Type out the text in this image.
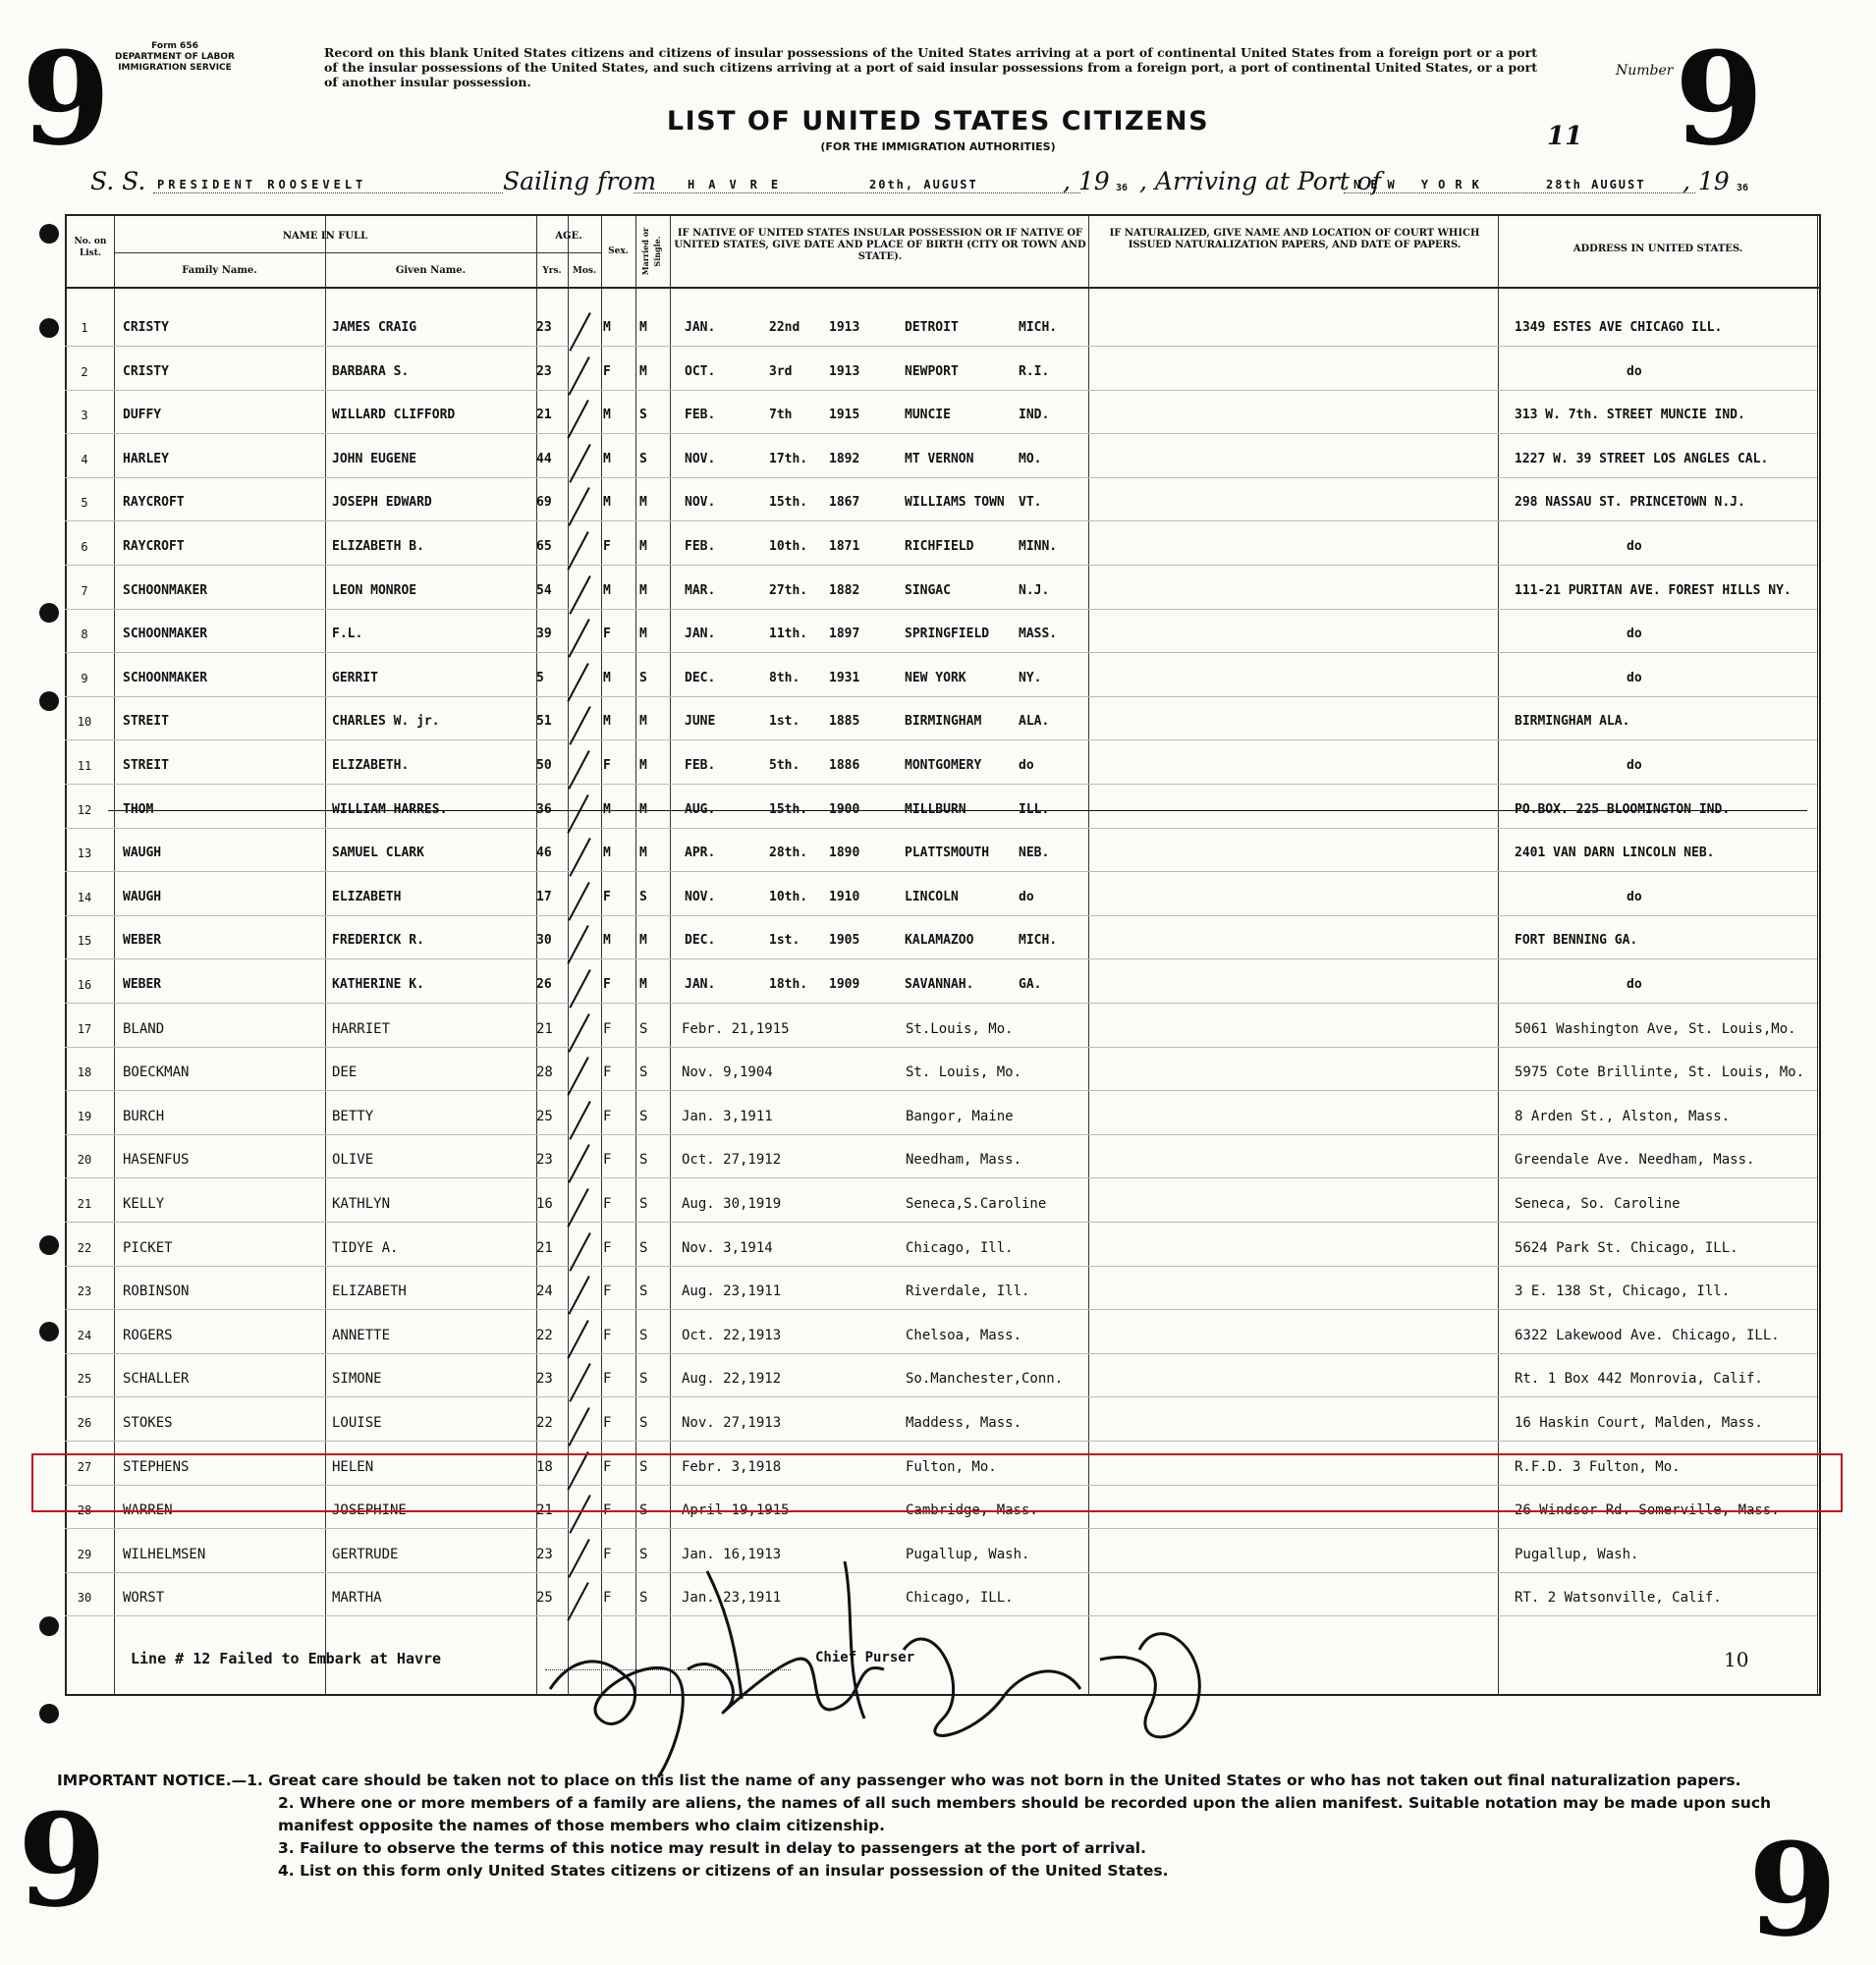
9	9
9	9
Form 656
DEPARTMENT OF LABOR
IMMIGRATION SERVICE
Record on this blank United States citizens and citizens of insular possessions of the United States arriving at a port of continental United States from a foreign port or a port of the insular possessions of the United States, and such citizens arriving at a port of said insular possessions from a foreign port, a port of continental United States, or a port of another insular possession.
Number
11
LIST OF UNITED STATES CITIZENS
(FOR THE IMMIGRATION AUTHORITIES)
S. S. PRESIDENT ROOSEVELT	Sailing from	HAVRE	20th, AUGUST	, 19 36 , Arriving at Port of
NEW YORK	28th AUGUST , 19 36
No. on List.
NAME IN FULL
Family Name.	Given Name.
AGE.
Yrs.	Mos.
Sex.	Married or Single.
IF NATIVE OF UNITED STATES INSULAR POSSESSION OR IF NATIVE OF UNITED STATES, GIVE DATE AND PLACE OF BIRTH (CITY OR TOWN AND STATE).
IF NATURALIZED, GIVE NAME AND LOCATION OF COURT WHICH ISSUED NATURALIZATION PAPERS, AND DATE OF PAPERS.	ADDRESS IN UNITED STATES.
1	CRISTY	JAMES CRAIG	23	M M	JAN.	22nd 1913	DETROIT	MICH.	1349 ESTES AVE CHICAGO ILL.
2	CRISTY	BARBARA S.	23	F M	OCT.	3rd	1913	NEWPORT	R.I.	do
3	DUFFY	WILLARD CLIFFORD	21	M S	FEB.	7th	1915	MUNCIE	IND.	313 W. 7th. STREET MUNCIE IND.
4	HARLEY	JOHN EUGENE	44	M S	NOV.	17th. 1892	MT VERNON	MO.	1227 W. 39 STREET LOS ANGLES CAL.
5	RAYCROFT	JOSEPH EDWARD	69	M M	NOV.	15th. 1867	WILLIAMS TOWN VT.	298 NASSAU ST. PRINCETOWN N.J.
6	RAYCROFT	ELIZABETH B.	65	F M	FEB.	10th. 1871	RICHFIELD	MINN.	do
7	SCHOONMAKER	LEON MONROE	54	M M	MAR.	27th. 1882	SINGAC	N.J.	111-21 PURITAN AVE. FOREST HILLS NY.
8	SCHOONMAKER	F.L.	39	F M	JAN.	11th. 1897	SPRINGFIELD MASS.	do
9	SCHOONMAKER	GERRIT	5	M S	DEC.	8th. 1931	NEW YORK	NY.	do
10	STREIT	CHARLES W. jr.	51	M M	JUNE	1st. 1885	BIRMINGHAM	ALA.	BIRMINGHAM ALA.
11	STREIT	ELIZABETH.	50	F M	FEB.	5th. 1886	MONTGOMERY	do	do
12	THOM	WILLIAM HARRES.	36	M M	AUG.	15th. 1900	MILLBURN	ILL.	PO.BOX. 225 BLOOMINGTON IND.
13	WAUGH	SAMUEL CLARK	46	M M	APR.	28th. 1890	PLATTSMOUTH NEB.	2401 VAN DARN LINCOLN NEB.
14	WAUGH	ELIZABETH	17	F S	NOV.	10th. 1910	LINCOLN	do	do
15	WEBER	FREDERICK R.	30	M M	DEC.	1st. 1905	KALAMAZOO	MICH.	FORT BENNING GA.
16	WEBER	KATHERINE K.	26	F M	JAN.	18th. 1909	SAVANNAH.	GA.	do
17	BLAND	HARRIET	21	F S Febr. 21,1915	St.Louis, Mo.	5061 Washington Ave, St. Louis,Mo.
18	BOECKMAN	DEE	28	F S Nov. 9,1904	St. Louis, Mo.	5975 Cote Brillinte, St. Louis, Mo.
19	BURCH	BETTY	25	F S Jan. 3,1911	Bangor, Maine	8 Arden St., Alston, Mass.
20	HASENFUS	OLIVE	23	F S Oct. 27,1912	Needham, Mass.	Greendale Ave. Needham, Mass.
21	KELLY	KATHLYN	16	F S Aug. 30,1919	Seneca,S.Caroline	Seneca, So. Caroline
22	PICKET	TIDYE A.	21	F S Nov. 3,1914	Chicago, Ill.	5624 Park St. Chicago, ILL.
23	ROBINSON	ELIZABETH	24	F S Aug. 23,1911	Riverdale, Ill.	3 E. 138 St, Chicago, Ill.
24	ROGERS	ANNETTE	22	F S Oct. 22,1913	Chelsoa, Mass.	6322 Lakewood Ave. Chicago, ILL.
25	SCHALLER	SIMONE	23	F S Aug. 22,1912	So.Manchester,Conn.	Rt. 1 Box 442 Monrovia, Calif.
26	STOKES	LOUISE	22	F S Nov. 27,1913	Maddess, Mass.	16 Haskin Court, Malden, Mass.
27	STEPHENS	HELEN	18	F S Febr. 3,1918	Fulton, Mo.	R.F.D. 3 Fulton, Mo.
28	WARREN	JOSEPHINE	21	F S April 19,1915	Cambridge, Mass.	26 Windsor Rd. Somerville, Mass.
29	WILHELMSEN	GERTRUDE	23	F S Jan. 16,1913	Pugallup, Wash.	Pugallup, Wash.
30	WORST	MARTHA	25	F S Jan. 23,1911	Chicago, ILL.	RT. 2 Watsonville, Calif.
Line # 12 Failed to Embark at Havre	Chief Purser	10
IMPORTANT NOTICE.—1. Great care should be taken not to place on this list the name of any passenger who was not born in the United States or who has not taken out final naturalization papers.
2. Where one or more members of a family are aliens, the names of all such members should be recorded upon the alien manifest. Suitable notation may be made upon such manifest opposite the names of those members who claim citizenship.
3. Failure to observe the terms of this notice may result in delay to passengers at the port of arrival.
4. List on this form only United States citizens or citizens of an insular possession of the United States.
